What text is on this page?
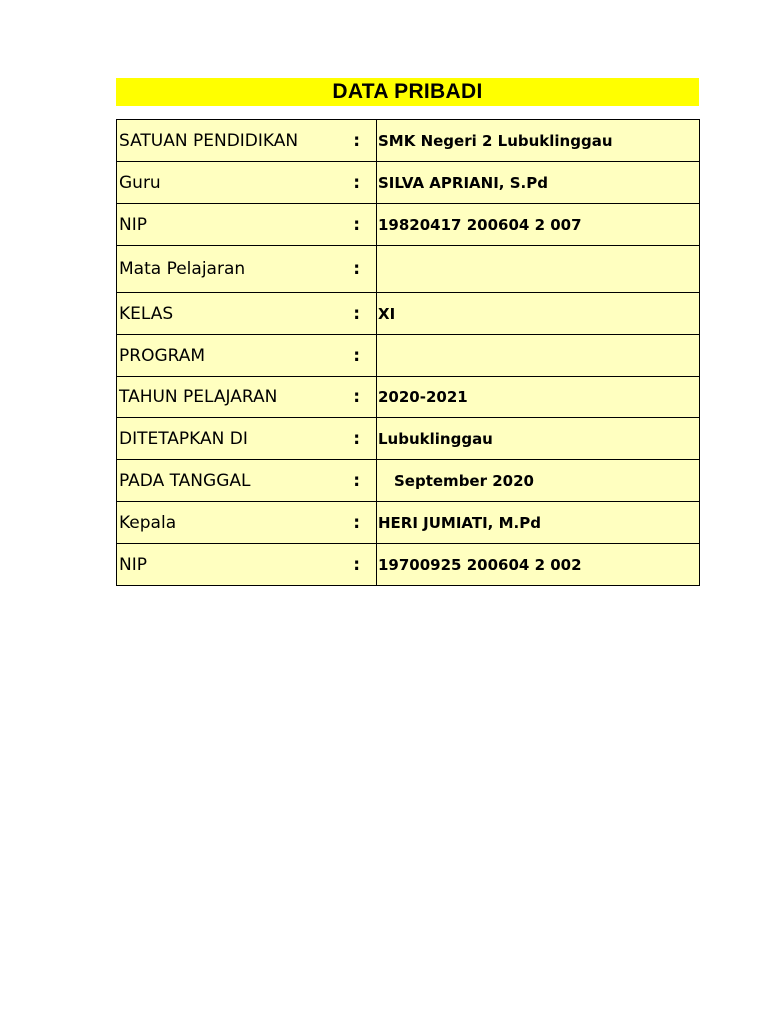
DATA PRIBADI
SATUAN PENDIDIKAN :	SMK Negeri 2 Lubuklinggau

Guru :	SILVA APRIANI, S.Pd

NIP :	19820417 200604 2 007

Mata Pelajaran :	

KELAS :	XI

PROGRAM :	

TAHUN PELAJARAN :	2020-2021

DITETAPKAN DI :	Lubuklinggau

PADA TANGGAL :	September 2020

Kepala :	HERI JUMIATI, M.Pd

NIP :	19700925 200604 2 002
